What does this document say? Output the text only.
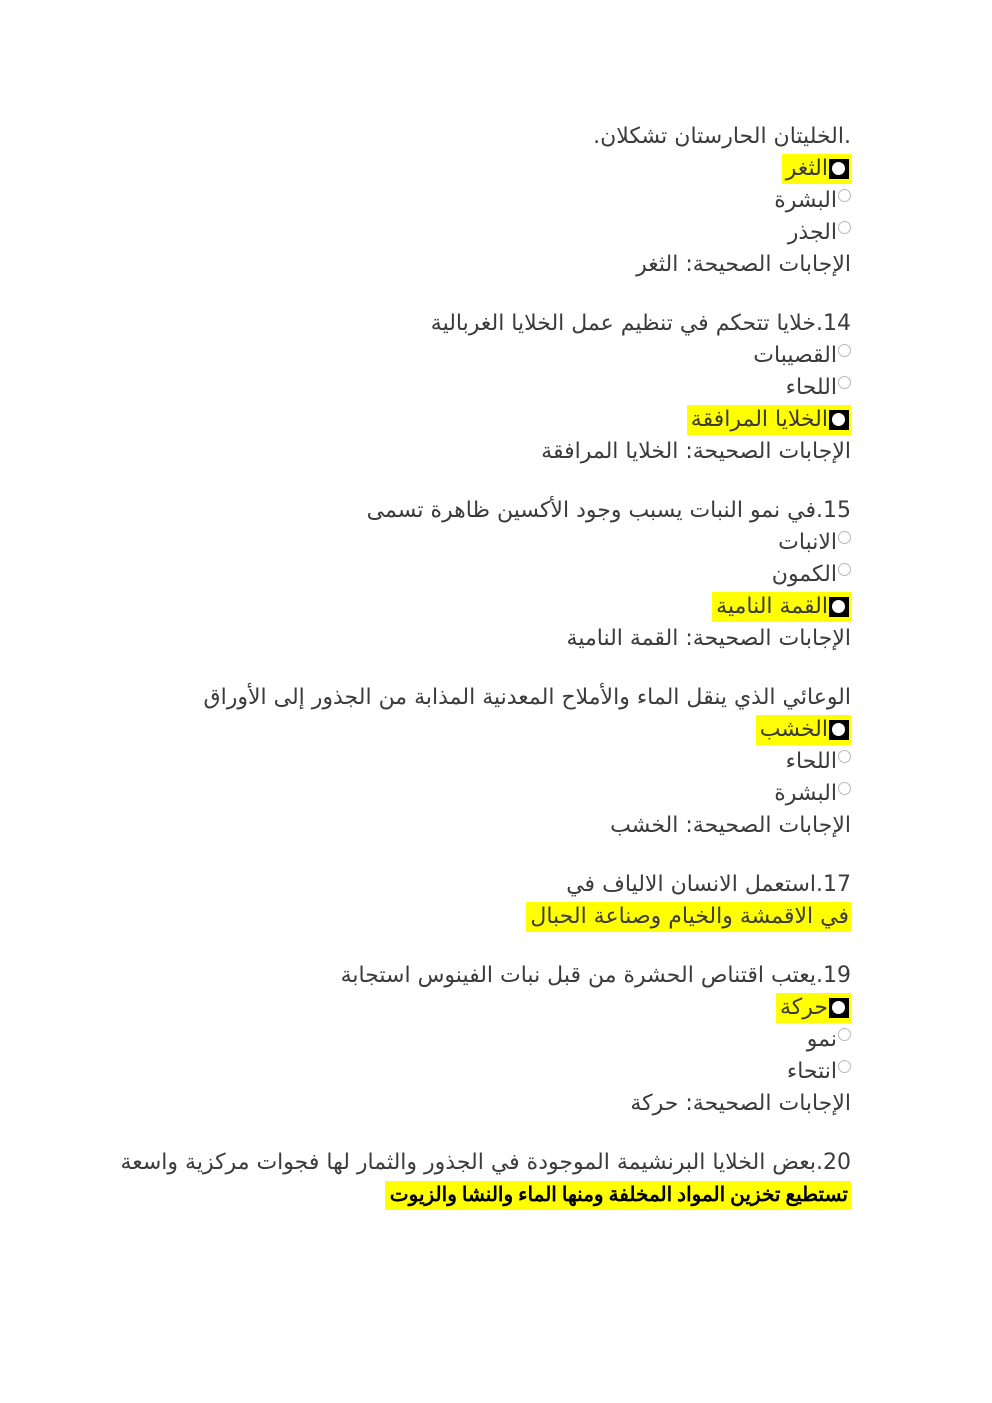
.الخليتان الحارستان تشكلان.
الثغر
البشرة
الجذر
الإجابات الصحيحة: الثغر
14.خلايا تتحكم في تنظيم عمل الخلايا الغربالية
القصيبات
اللحاء
الخلايا المرافقة
الإجابات الصحيحة: الخلايا المرافقة
15.في نمو النبات يسبب وجود الأكسين ظاهرة تسمى
الانبات
الكمون
القمة النامية
الإجابات الصحيحة: القمة النامية
الوعائي الذي ينقل الماء والأملاح المعدنية المذابة من الجذور إلى الأوراق
الخشب
اللحاء
البشرة
الإجابات الصحيحة: الخشب
17.استعمل الانسان الالياف في
في الاقمشة والخيام وصناعة الحبال
19.يعتب اقتناص الحشرة من قبل نبات الفينوس استجابة
حركة
نمو
انتحاء
الإجابات الصحيحة: حركة
20.بعض الخلايا البرنشيمة الموجودة في الجذور والثمار لها فجوات مركزية واسعة
تستطيع تخزين المواد المخلفة ومنها الماء والنشا والزيوت
